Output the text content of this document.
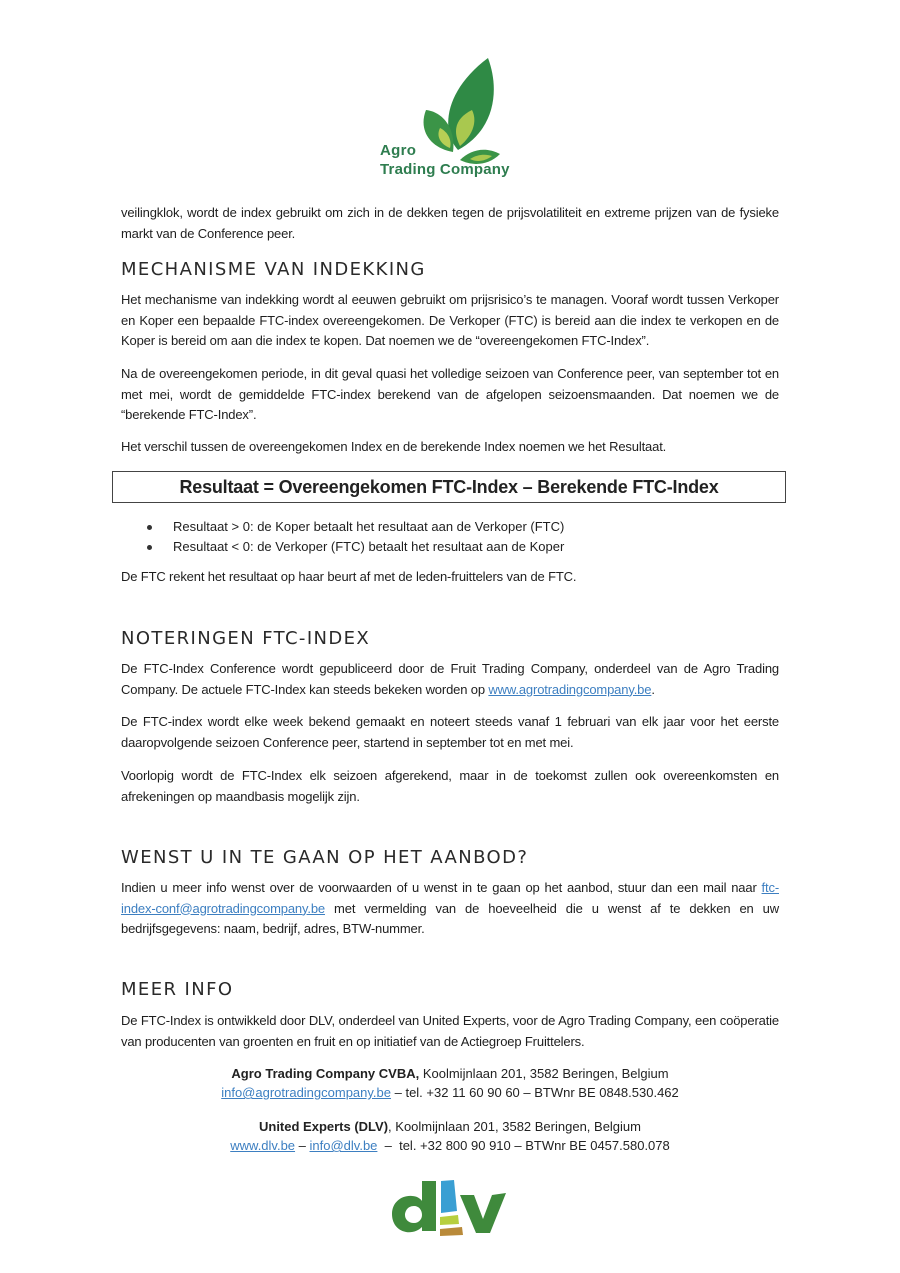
Agro
Trading Company

veilingklok, wordt de index gebruikt om zich in de dekken tegen de prijsvolatiliteit en extreme prijzen van de fysieke markt van de Conference peer.

MECHANISME VAN INDEKKING

Het mechanisme van indekking wordt al eeuwen gebruikt om prijsrisico’s te managen. Vooraf wordt tussen Verkoper en Koper een bepaalde FTC-index overeengekomen. De Verkoper (FTC) is bereid aan die index te verkopen en de Koper is bereid om aan die index te kopen. Dat noemen we de “overeengekomen FTC-Index”.

Na de overeengekomen periode, in dit geval quasi het volledige seizoen van Conference peer, van september tot en met mei, wordt de gemiddelde FTC-index berekend van de afgelopen seizoensmaanden. Dat noemen we de “berekende FTC-Index”.

Het verschil tussen de overeengekomen Index en de berekende Index noemen we het Resultaat.

Resultaat = Overeengekomen FTC-Index – Berekende FTC-Index
Resultaat > 0: de Koper betaalt het resultaat aan de Verkoper (FTC)
Resultaat < 0: de Verkoper (FTC) betaalt het resultaat aan de Koper

De FTC rekent het resultaat op haar beurt af met de leden-fruittelers van de FTC.

NOTERINGEN FTC-INDEX

De FTC-Index Conference wordt gepubliceerd door de Fruit Trading Company, onderdeel van de Agro Trading Company. De actuele FTC-Index kan steeds bekeken worden op www.agrotradingcompany.be.

De FTC-index wordt elke week bekend gemaakt en noteert steeds vanaf 1 februari van elk jaar voor het eerste daaropvolgende seizoen Conference peer, startend in september tot en met mei.

Voorlopig wordt de FTC-Index elk seizoen afgerekend, maar in de toekomst zullen ook overeenkomsten en afrekeningen op maandbasis mogelijk zijn.

WENST U IN TE GAAN OP HET AANBOD?

Indien u meer info wenst over de voorwaarden of u wenst in te gaan op het aanbod, stuur dan een mail naar ftc-index-conf@agrotradingcompany.be met vermelding van de hoeveelheid die u wenst af te dekken en uw bedrijfsgegevens: naam, bedrijf, adres, BTW-nummer.

MEER INFO

De FTC-Index is ontwikkeld door DLV, onderdeel van United Experts, voor de Agro Trading Company, een coöperatie van producenten van groenten en fruit en op initiatief van de Actiegroep Fruittelers.

Agro Trading Company CVBA, Koolmijnlaan 201, 3582 Beringen, Belgium
info@agrotradingcompany.be – tel. +32 11 60 90 60 – BTWnr BE 0848.530.462
United Experts (DLV), Koolmijnlaan 201, 3582 Beringen, Belgium
www.dlv.be – info@dlv.be  –  tel. +32 800 90 910 – BTWnr BE 0457.580.078
